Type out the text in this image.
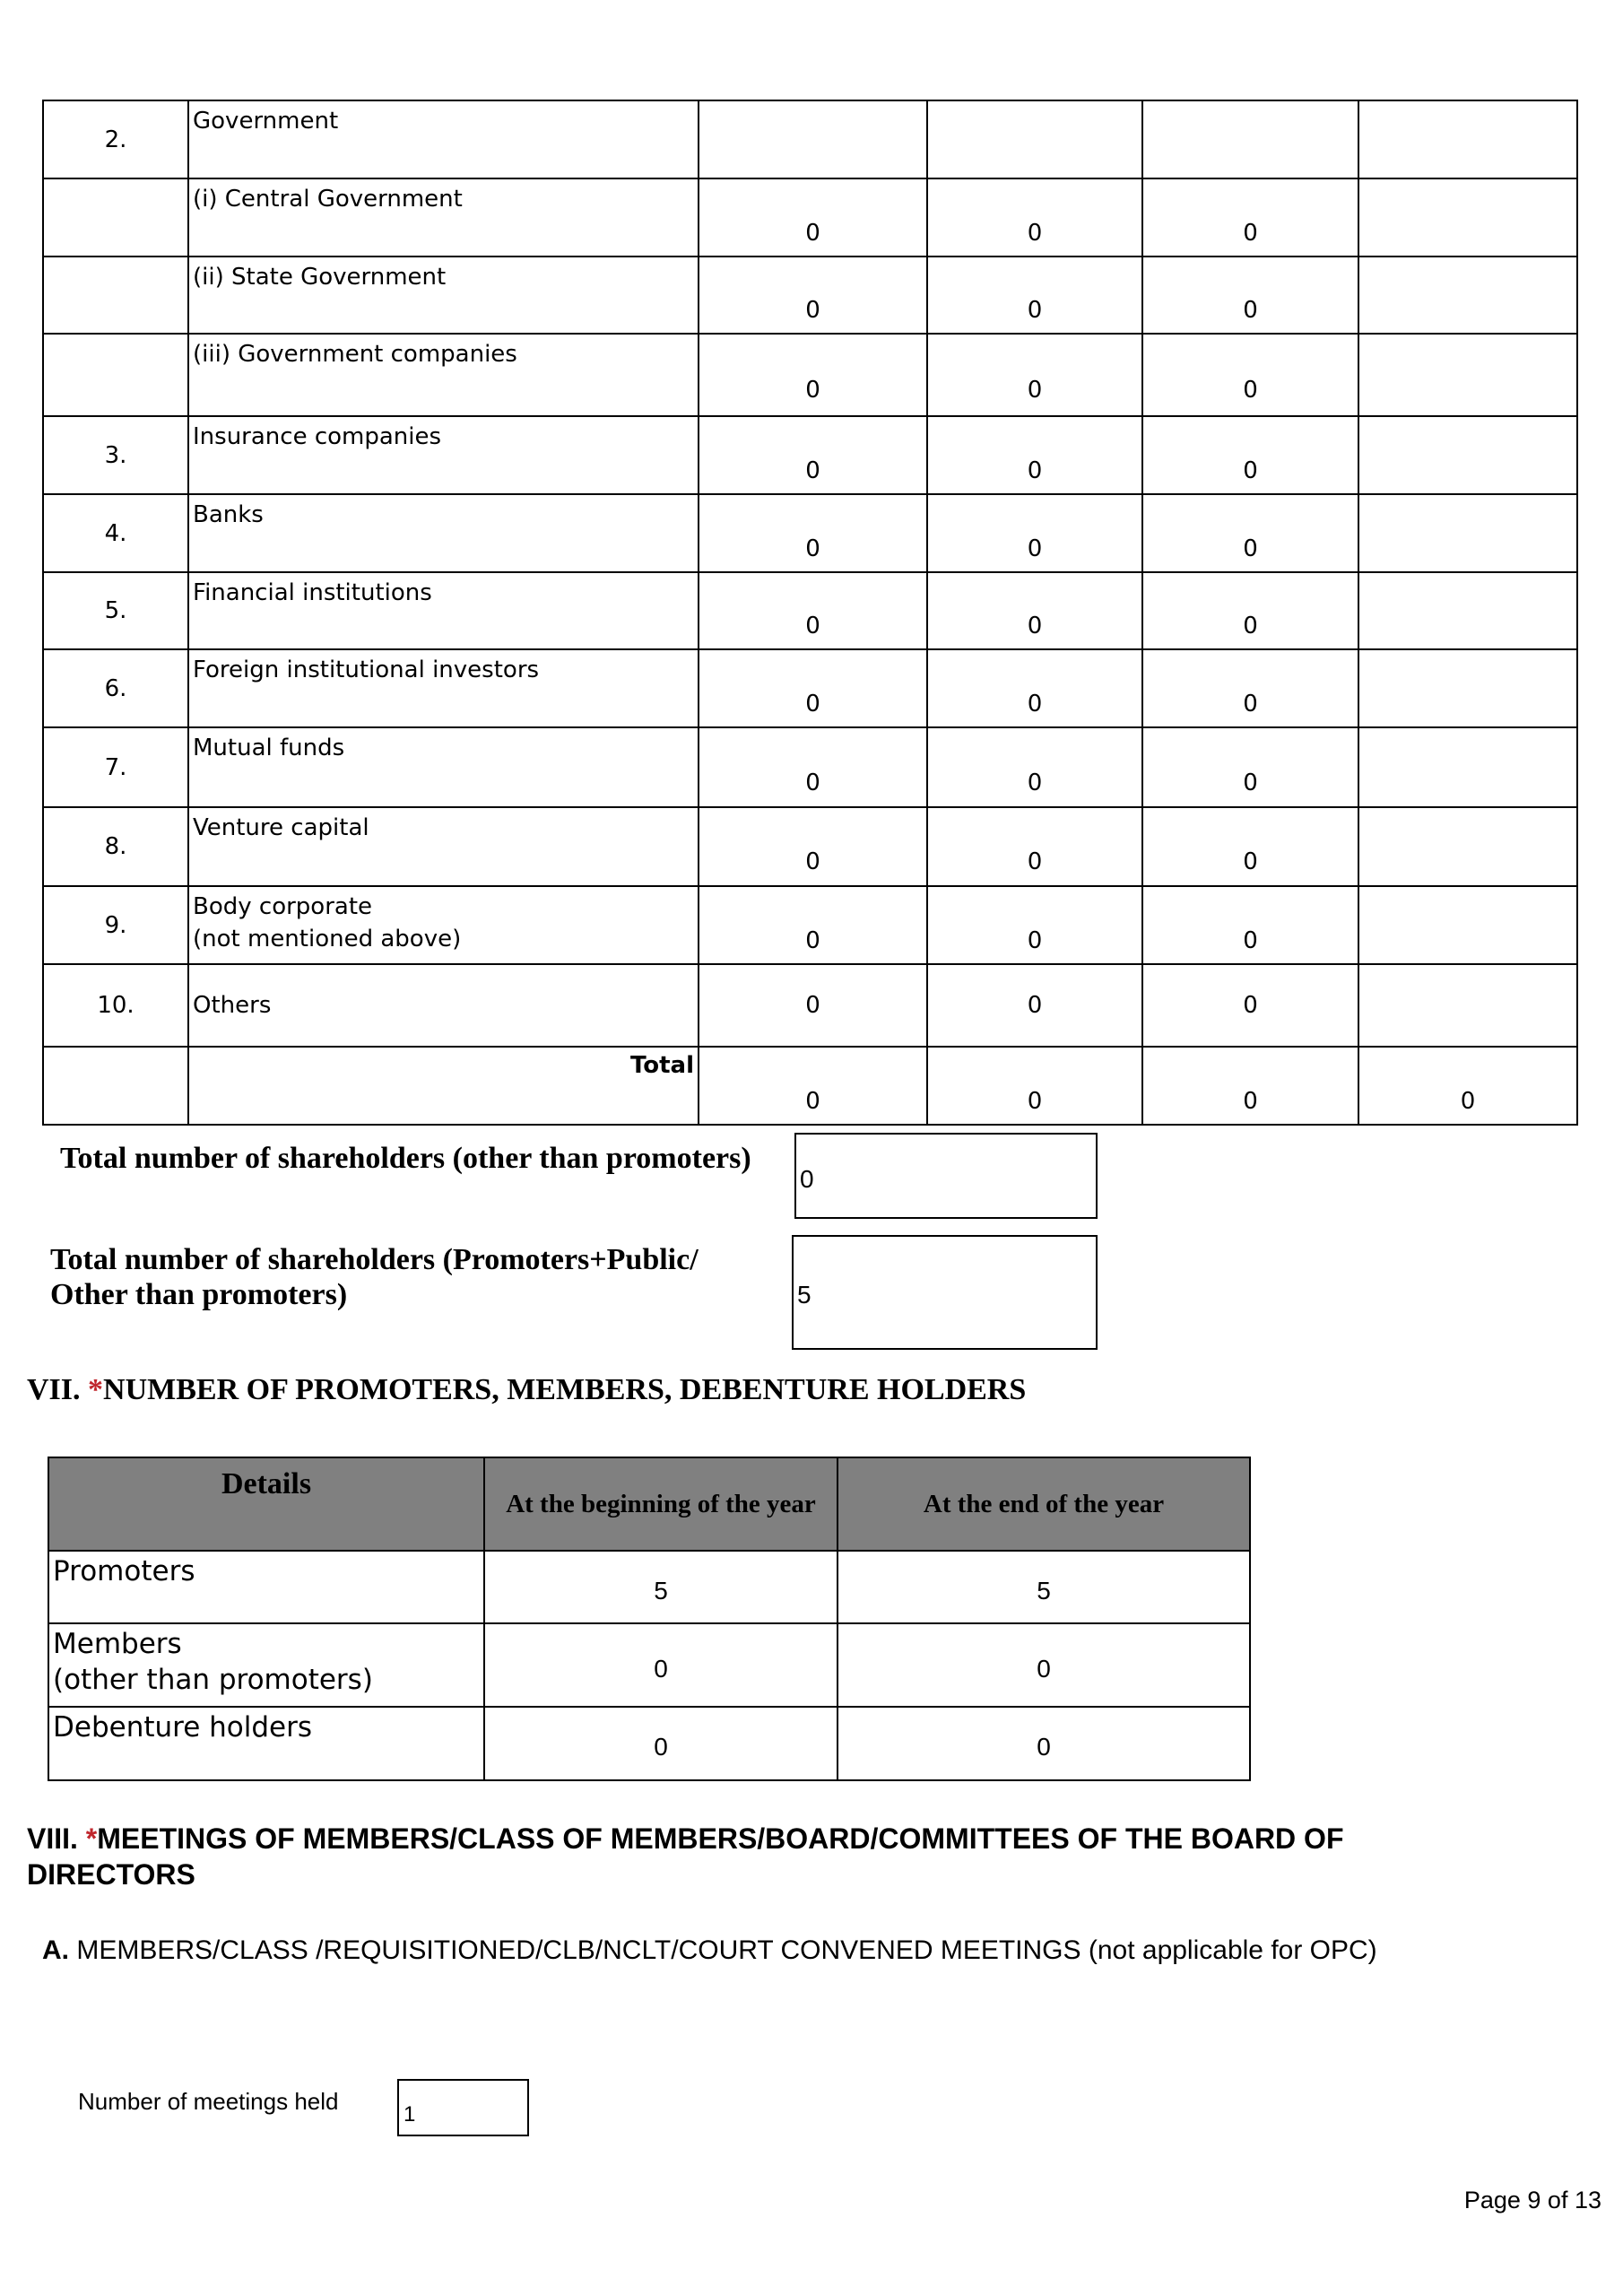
2.	Government				

	(i) Central Government	0	0	0	

	(ii) State Government	0	0	0	

	(iii) Government companies	0	0	0	
3.	Insurance companies	0	0	0	
4.	Banks	0	0	0	
5.	Financial institutions	0	0	0	
6.	Foreign institutional investors	0	0	0	
7.	Mutual funds	0	0	0	
8.	Venture capital	0	0	0	
9.	Body corporate
(not mentioned above)	0	0	0	
10.	Others	0	0	0	

	Total	0	0	0	0
Total number of shareholders (other than promoters)
0
Total number of shareholders (Promoters+Public/
Other than promoters)	5
VII. *NUMBER OF PROMOTERS, MEMBERS, DEBENTURE HOLDERS
Details	At the beginning of the year	At the end of the year

Promoters	5	5

Members
(other than promoters)	0	0

Debenture holders	0	0
VIII. *MEETINGS OF MEMBERS/CLASS OF MEMBERS/BOARD/COMMITTEES OF THE BOARD OF
DIRECTORS
A. MEMBERS/CLASS /REQUISITIONED/CLB/NCLT/COURT CONVENED MEETINGS (not applicable for OPC)
Number of meetings held	1
Page 9 of 13
